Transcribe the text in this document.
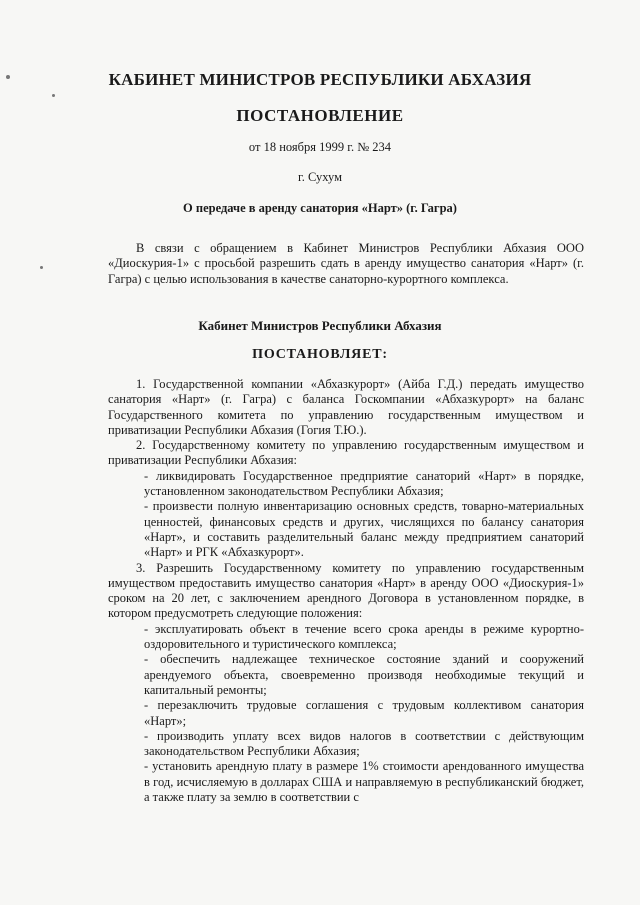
КАБИНЕТ МИНИСТРОВ РЕСПУБЛИКИ АБХАЗИЯ
ПОСТАНОВЛЕНИЕ
от 18 ноября 1999 г. № 234
г. Сухум
О передаче в аренду санатория «Нарт» (г. Гагра)
В связи с обращением в Кабинет Министров Республики Абхазия ООО «Диоскурия-1» с просьбой разрешить сдать в аренду имущество санатория «Нарт» (г. Гагра) с целью использования в качестве санаторно-курортного комплекса.
Кабинет Министров Республики Абхазия
ПОСТАНОВЛЯЕТ:

1. Государственной компании «Абхазкурорт» (Айба Г.Д.) передать имущество санатория «Нарт» (г. Гагра) с баланса Госкомпании «Абхазкурорт» на баланс Государственного комитета по управлению государственным имуществом и приватизации Республики Абхазия (Гогия Т.Ю.).

2. Государственному комитету по управлению государственным имуществом и приватизации Республики Абхазия:

- ликвидировать Государственное предприятие санаторий «Нарт» в порядке, установленном законодательством Республики Абхазия;

- произвести полную инвентаризацию основных средств, товарно-материальных ценностей, финансовых средств и других, числящихся по балансу санатория «Нарт», и составить разделительный баланс между предприятием санаторий «Нарт» и РГК «Абхазкурорт».

3. Разрешить Государственному комитету по управлению государственным имуществом предоставить имущество санатория «Нарт» в аренду ООО «Диоскурия-1» сроком на 20 лет, с заключением арендного Договора в установленном порядке, в котором предусмотреть следующие положения:

- эксплуатировать объект в течение всего срока аренды в режиме курортно-оздоровительного и туристического комплекса;

- обеспечить надлежащее техническое состояние зданий и сооружений арендуемого объекта, своевременно производя необходимые текущий и капитальный ремонты;

- перезаключить трудовые соглашения с трудовым коллективом санатория «Нарт»;

- производить уплату всех видов налогов в соответствии с действующим законодательством Республики Абхазия;

- установить арендную плату в размере 1% стоимости арендованного имущества в год, исчисляемую в долларах США и направляемую в республиканский бюджет, а также плату за землю в соответствии с
